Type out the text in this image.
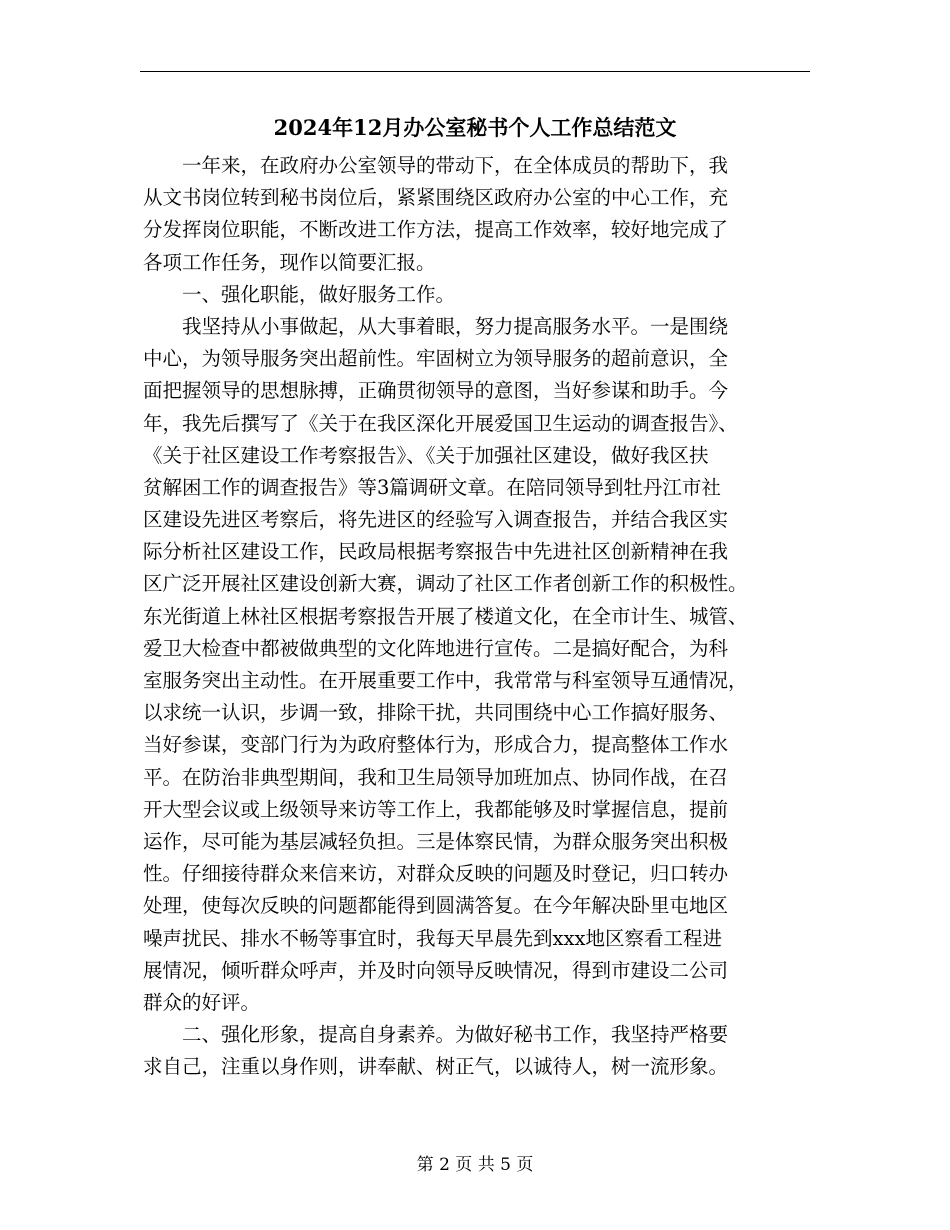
2024年12月办公室秘书个人工作总结范文
　　一年来，在政府办公室领导的带动下，在全体成员的帮助下，我
从文书岗位转到秘书岗位后，紧紧围绕区政府办公室的中心工作，充
分发挥岗位职能，不断改进工作方法，提高工作效率，较好地完成了
各项工作任务，现作以简要汇报。
　　一、强化职能，做好服务工作。
　　我坚持从小事做起，从大事着眼，努力提高服务水平。一是围绕
中心，为领导服务突出超前性。牢固树立为领导服务的超前意识，全
面把握领导的思想脉搏，正确贯彻领导的意图，当好参谋和助手。今
年，我先后撰写了《关于在我区深化开展爱国卫生运动的调查报告》、
《关于社区建设工作考察报告》、《关于加强社区建设，做好我区扶
贫解困工作的调查报告》等3篇调研文章。在陪同领导到牡丹江市社
区建设先进区考察后，将先进区的经验写入调查报告，并结合我区实
际分析社区建设工作，民政局根据考察报告中先进社区创新精神在我
区广泛开展社区建设创新大赛，调动了社区工作者创新工作的积极性。
东光街道上林社区根据考察报告开展了楼道文化，在全市计生、城管、
爱卫大检查中都被做典型的文化阵地进行宣传。二是搞好配合，为科
室服务突出主动性。在开展重要工作中，我常常与科室领导互通情况，
以求统一认识，步调一致，排除干扰，共同围绕中心工作搞好服务、
当好参谋，变部门行为为政府整体行为，形成合力，提高整体工作水
平。在防治非典型期间，我和卫生局领导加班加点、协同作战，在召
开大型会议或上级领导来访等工作上，我都能够及时掌握信息，提前
运作，尽可能为基层减轻负担。三是体察民情，为群众服务突出积极
性。仔细接待群众来信来访，对群众反映的问题及时登记，归口转办
处理，使每次反映的问题都能得到圆满答复。在今年解决卧里屯地区
噪声扰民、排水不畅等事宜时，我每天早晨先到xxx地区察看工程进
展情况，倾听群众呼声，并及时向领导反映情况，得到市建设二公司
群众的好评。
　　二、强化形象，提高自身素养。为做好秘书工作，我坚持严格要
求自己，注重以身作则，讲奉献、树正气，以诚待人，树一流形象。
第 2 页 共 5 页
